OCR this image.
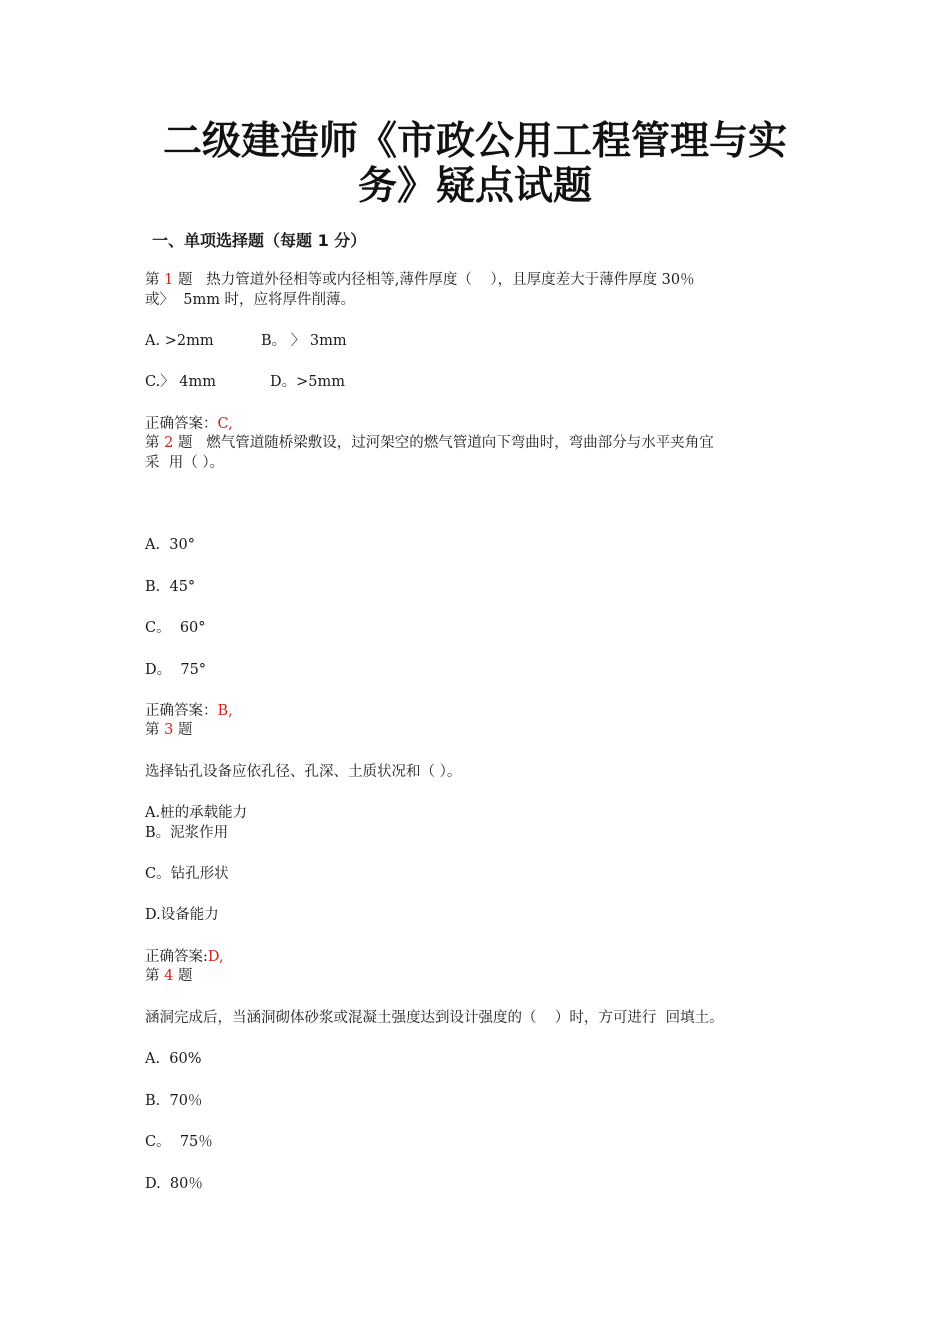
二级建造师《市政公用工程管理与实
务》疑点试题
一、单项选择题（每题 1 分）
第 1 题 热力管道外径相等或内径相等,薄件厚度（    ），且厚度差大于薄件厚度 30％
或〉  5mm 时，应将厚件削薄。
A. >2mm	B。 〉 3mm
C.〉 4mm	D。>5mm
正确答案：C,
第 2 题 燃气管道随桥梁敷设，过河架空的燃气管道向下弯曲时，弯曲部分与水平夹角宜
采  用（ ）。
A.  30°
B.  45°
C。  60°
D。  75°
正确答案：B,
第 3 题
选择钻孔设备应依孔径、孔深、土质状况和（ ）。
A.桩的承载能力
B。泥浆作用
C。钻孔形状
D.设备能力
正确答案:D,
第 4 题
涵洞完成后，当涵洞砌体砂浆或混凝土强度达到设计强度的（    ）时，方可进行  回填土。
A.  60%
B.  70％
C。  75％
D.  80％
